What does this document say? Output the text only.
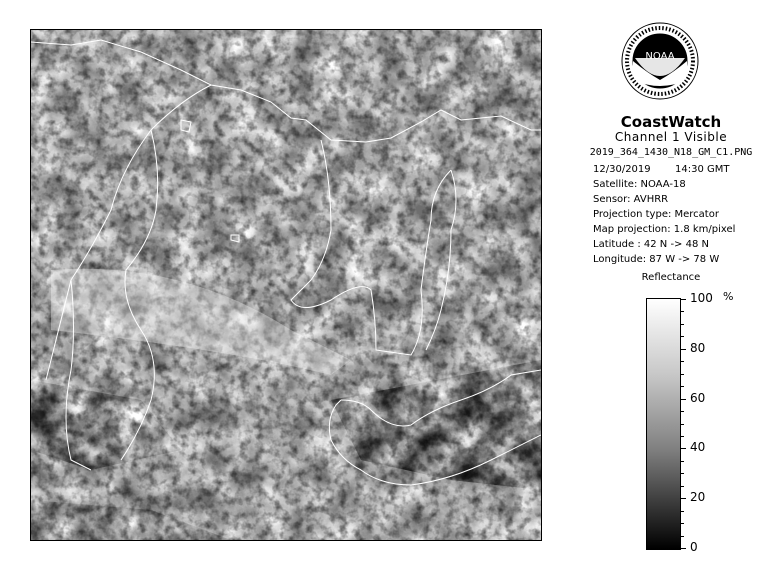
NOAA
CoastWatch
Channel 1 Visible
2019_364_1430_N18_GM_C1.PNG
12/30/2019 14:30 GMT
Satellite: NOAA-18
Sensor: AVHRR
Projection type: Mercator
Map projection: 1.8 km/pixel
Latitude : 42 N -> 48 N
Longitude: 87 W -> 78 W
Reflectance
%
100
80
60
40
20
0
